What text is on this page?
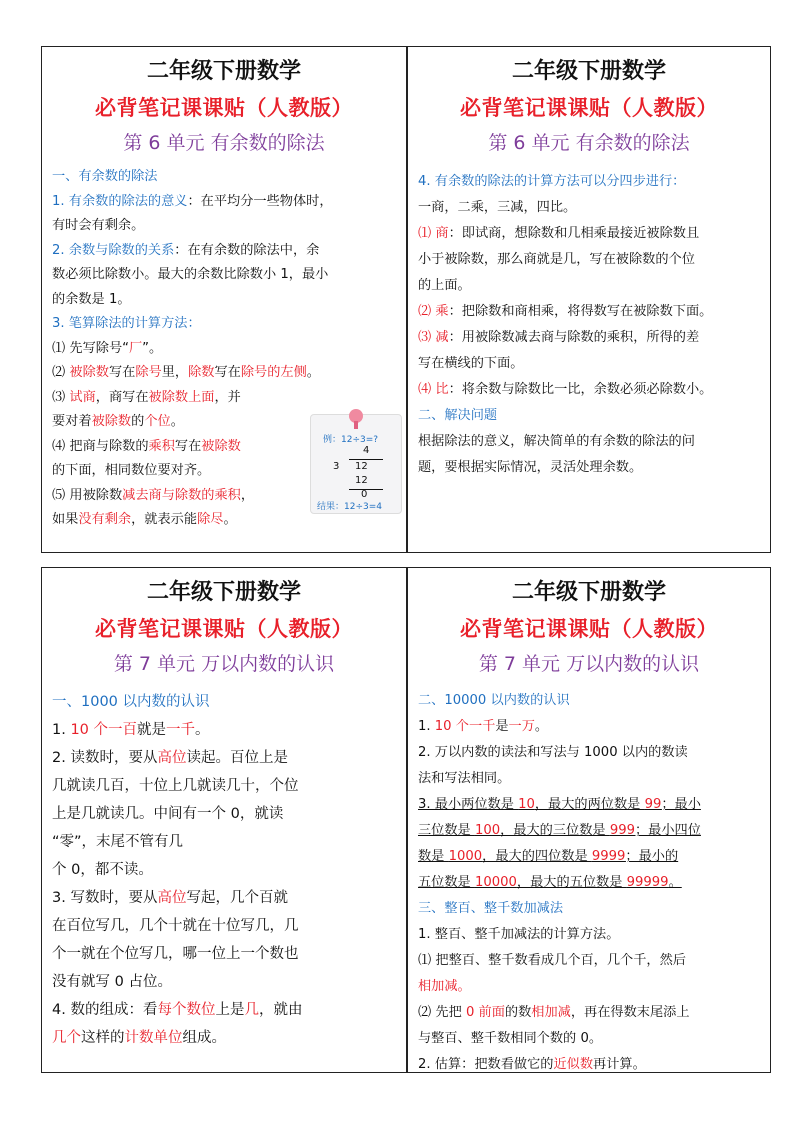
二年级下册数学
必背笔记课课贴（人教版）
第 6 单元 有余数的除法

一、有余数的除法

1. 有余数的除法的意义：在平均分一些物体时，

有时会有剩余。

2. 余数与除数的关系：在有余数的除法中，余

数必须比除数小。最大的余数比除数小 1，最小

的余数是 1。

3. 笔算除法的计算方法：

⑴ 先写除号“厂”。

⑵ 被除数写在除号里，除数写在除号的左侧。

⑶ 试商，商写在被除数上面，并

要对着被除数的个位。

⑷ 把商与除数的乘积写在被除数

的下面，相同数位要对齐。

⑸ 用被除数减去商与除数的乘积，

如果没有剩余，就表示能除尽。

例：12÷3=?
4
3 12
12
0
结果：12÷3=4
二年级下册数学
必背笔记课课贴（人教版）
第 6 单元 有余数的除法

4. 有余数的除法的计算方法可以分四步进行：

一商，二乘，三减，四比。

⑴ 商：即试商，想除数和几相乘最接近被除数且

小于被除数，那么商就是几，写在被除数的个位

的上面。

⑵ 乘：把除数和商相乘，将得数写在被除数下面。

⑶ 减：用被除数减去商与除数的乘积，所得的差

写在横线的下面。

⑷ 比：将余数与除数比一比，余数必须必除数小。

二、解决问题

根据除法的意义，解决简单的有余数的除法的问

题，要根据实际情况，灵活处理余数。

二年级下册数学
必背笔记课课贴（人教版）
第 7 单元 万以内数的认识

一、1000 以内数的认识

1. 10 个一百就是一千。

2. 读数时，要从高位读起。百位上是

几就读几百，十位上几就读几十，个位

上是几就读几。中间有一个 0，就读

“零”，末尾不管有几

个 0，都不读。

3. 写数时，要从高位写起，几个百就

在百位写几，几个十就在十位写几，几

个一就在个位写几，哪一位上一个数也

没有就写 0 占位。

4. 数的组成：看每个数位上是几，就由

几个这样的计数单位组成。

二年级下册数学
必背笔记课课贴（人教版）
第 7 单元 万以内数的认识

二、10000 以内数的认识

1. 10 个一千是一万。

2. 万以内数的读法和写法与 1000 以内的数读

法和写法相同。

3. 最小两位数是 10，最大的两位数是 99；最小

三位数是 100，最大的三位数是 999；最小四位

数是 1000，最大的四位数是 9999；最小的

五位数是 10000，最大的五位数是 99999。

三、整百、整千数加减法

1. 整百、整千加减法的计算方法。

⑴ 把整百、整千数看成几个百，几个千，然后

相加减。

⑵ 先把 0 前面的数相加减，再在得数末尾添上

与整百、整千数相同个数的 0。

2. 估算：把数看做它的近似数再计算。
